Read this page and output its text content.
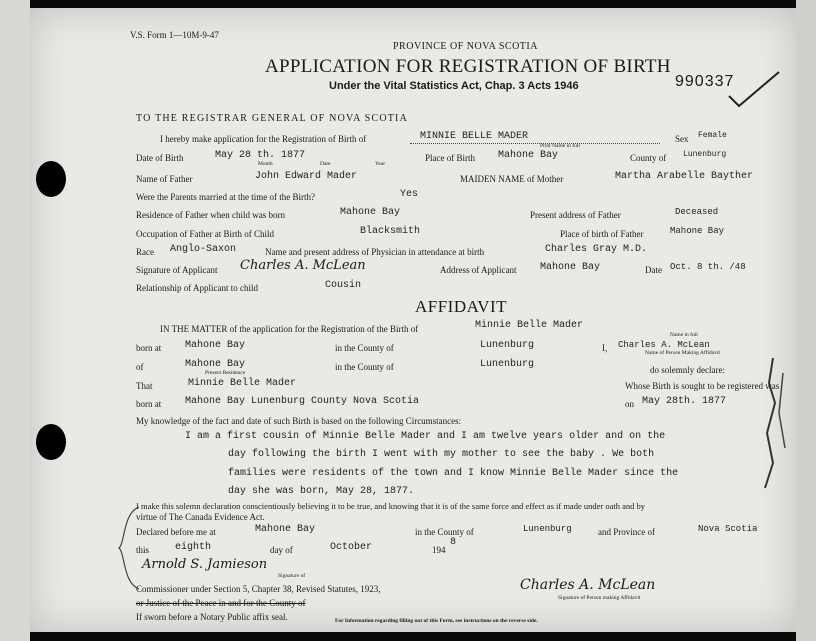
V.S. Form 1—10M-9-47
PROVINCE OF NOVA SCOTIA
APPLICATION FOR REGISTRATION OF BIRTH
Under the Vital Statistics Act, Chap. 3 Acts 1946	990337
TO THE REGISTRAR GENERAL OF NOVA SCOTIA
I hereby make application for the Registration of Birth of	MINNIE BELLE MADER
Print Name in full
Sex Female
Date of Birth	May 28 th. 1877
Month	Date	Year
Place of Birth Mahone Bay	County of Lunenburg
Name of Father	John Edward Mader	MAIDEN NAME of Mother	Martha Arabelle Bayther
Were the Parents married at the time of the Birth?	Yes
Residence of Father when child was born	Mahone Bay	Present address of Father	Deceased
Occupation of Father at Birth of Child	Blacksmith	Place of birth of Father	Mahone Bay
Race Anglo-Saxon	Name and present address of Physician in attendance at birth	Charles Gray M.D.
Signature of Applicant Charles A. McLean	Address of Applicant Mahone Bay	Date Oct. 8 th. /48
Relationship of Applicant to child	Cousin
AFFIDAVIT
IN THE MATTER of the application for the Registration of the Birth of	Minnie Belle Mader
born at Mahone Bay	in the County of	Lunenburg	I, Charles A. McLean
Name in full
Name of Person Making Affidavit
of	Mahone Bay	in the County of	Lunenburg	do solemnly declare:
Present Residence
That	Minnie Belle Mader	Whose Birth is sought to be registered was
born at Mahone Bay Lunenburg County Nova Scotia	on May 28th. 1877
My knowledge of the fact and date of such Birth is based on the following Circumstances:
I am a first cousin of Minnie Belle Mader and I am twelve years older and on the
day following the birth I went with my mother to see the baby . We both
families were residents of the town and I know Minnie Belle Mader since the
day she was born, May 28, 1877.
I make this solemn declaration conscientiously believing it to be true, and knowing that it is of the same force and effect as if made under oath and by
virtue of The Canada Evidence Act.
Declared before me at	Mahone Bay	in the County of	Lunenburg	and Province of	Nova Scotia
this	eighth	day of	October	194
8
Arnold S. Jamieson
Signature of
Commissioner under Section 5, Chapter 38, Revised Statutes, 1923,
or Justice of the Peace in and for the County of
If sworn before a Notary Public affix seal.
Charles A. McLean
Signature of Person making Affidavit
For Information regarding filling out of this Form, see instructions on the reverse side.
